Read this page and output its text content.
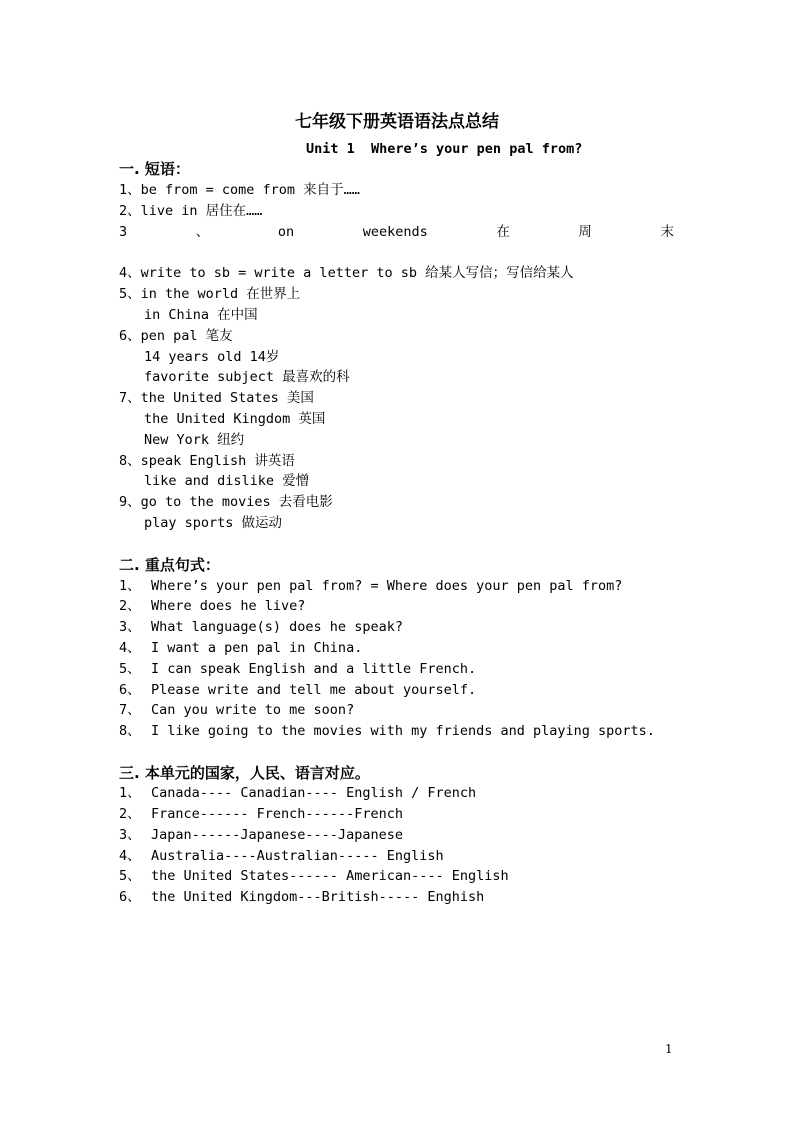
七年级下册英语语法点总结
Unit 1  Where’s your pen pal from?
一. 短语：
1、be from = come from 来自于……
2、live in 居住在……
3	、	on	weekends	在	周	末
4、write to sb = write a letter to sb 给某人写信；写信给某人
5、in the world 在世界上
in China 在中国
6、pen pal 笔友
14 years old 14岁
favorite subject 最喜欢的科
7、the United States 美国
the United Kingdom 英国
New York 纽约
8、speak English 讲英语
like and dislike 爱憎
9、go to the movies 去看电影
play sports 做运动
二. 重点句式：
1、 Where’s your pen pal from? = Where does your pen pal from?
2、 Where does he live?
3、 What language(s) does he speak?
4、 I want a pen pal in China.
5、 I can speak English and a little French.
6、 Please write and tell me about yourself.
7、 Can you write to me soon?
8、 I like going to the movies with my friends and playing sports.
三. 本单元的国家，人民、语言对应。
1、 Canada---- Canadian---- English / French
2、 France------ French------French
3、 Japan------Japanese----Japanese
4、 Australia----Australian----- English
5、 the United States------ American---- English
6、 the United Kingdom---British----- Enghish
1
